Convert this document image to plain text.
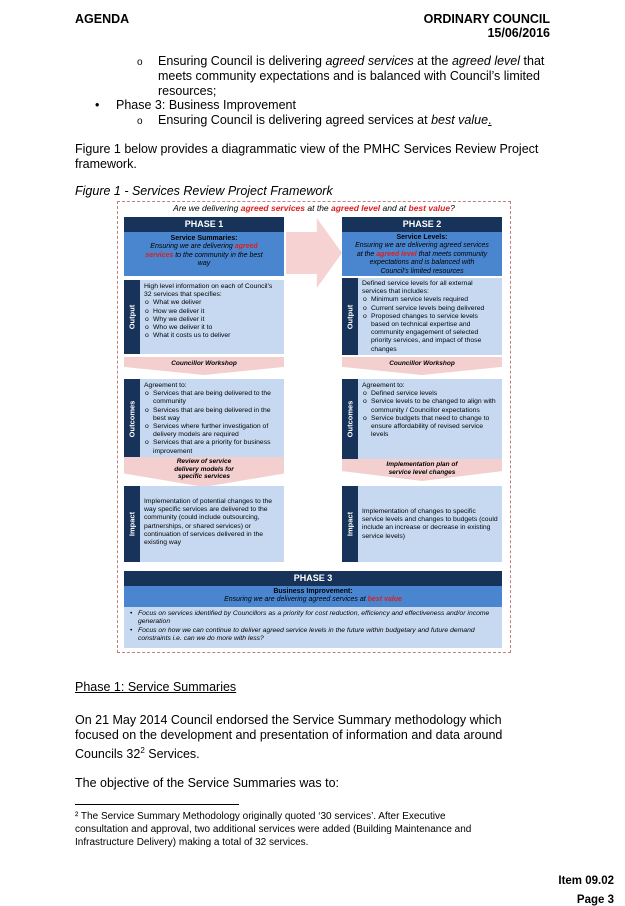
AGENDA	ORDINARY COUNCIL
15/06/2016
o Ensuring Council is delivering agreed services at the agreed level that
meets community expectations and is balanced with Council’s limited
resources;
• Phase 3: Business Improvement
o Ensuring Council is delivering agreed services at best value.
Figure 1 below provides a diagrammatic view of the PMHC Services Review Project
framework.
Figure 1 - Services Review Project Framework
Are we delivering agreed services at the agreed level and at best value?
PHASE 1
Service Summaries:
Ensuring we are delivering agreed
services to the community in the best
way
Output
High level information on each of Council’s 32 services that specifies:
o What we deliver
o How we deliver it
o Why we deliver it
o Who we deliver it to
o What it costs us to deliver
Councillor Workshop
Outcomes
Agreement to:
o Services that are being delivered to the community
o Services that are being delivered in the best way
o Services where further investigation of delivery models are required
o Services that are a priority for business improvement
Review of service
delivery models for
specific services
Impact
Implementation of potential changes to the way specific services are delivered to the community (could include outsourcing, partnerships, or shared services) or continuation of services delivered in the existing way
PHASE 2
Service Levels:
Ensuring we are delivering agreed services
at the agreed level that meets community
expectations and is balanced with
Council’s limited resources
Output
Defined service levels for all external services that includes:
o Minimum service levels required
o Current service levels being delivered
o Proposed changes to service levels based on technical expertise and community engagement of selected priority services, and impact of those changes
Councillor Workshop
Outcomes
Agreement to:
o Defined service levels
o Service levels to be changed to align with community / Councillor expectations
o Service budgets that need to change to ensure affordability of revised service levels
Implementation plan of
service level changes
Impact
Implementation of changes to specific service levels and changes to budgets (could include an increase or decrease in existing service levels)
PHASE 3
Business Improvement:
Ensuring we are delivering agreed services at best value
• Focus on services identified by Councillors as a priority for cost reduction, efficiency and effectiveness and/or income generation
• Focus on how we can continue to deliver agreed service levels in the future within budgetary and future demand constraints i.e. can we do more with less?
Phase 1: Service Summaries
On 21 May 2014 Council endorsed the Service Summary methodology which
focused on the development and presentation of information and data around
Councils $32^2$ Services.
The objective of the Service Summaries was to:
² The Service Summary Methodology originally quoted ‘30 services’. After Executive
consultation and approval, two additional services were added (Building Maintenance and
Infrastructure Delivery) making a total of 32 services.
Item 09.02
Page 3
